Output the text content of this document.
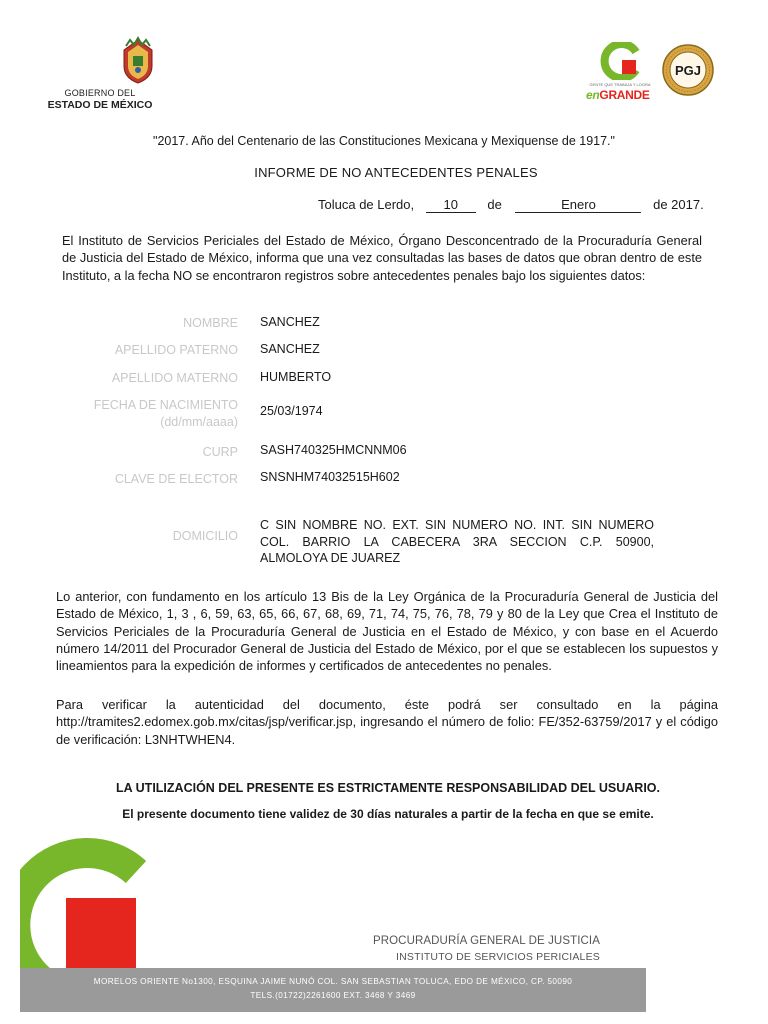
GOBIERNO DEL
ESTADO DE MÉXICO
GENTE QUE TRABAJA Y LOGRA
enGRANDE
PGJ
"2017. Año del Centenario de las Constituciones Mexicana y Mexiquense de 1917."
INFORME DE NO ANTECEDENTES PENALES
Toluca de Lerdo, 10 de	Enero	de 2017.
El Instituto de Servicios Periciales del Estado de México, Órgano Desconcentrado de la Procuraduría General de Justicia del Estado de México, informa que una vez consultadas las bases de datos que obran dentro de este Instituto, a la fecha NO se encontraron registros sobre antecedentes penales bajo los siguientes datos:
NOMBRE SANCHEZ
APELLIDO PATERNO SANCHEZ
APELLIDO MATERNO HUMBERTO
FECHA DE NACIMIENTO
(dd/mm/aaaa)
25/03/1974
CURP SASH740325HMCNNM06
CLAVE DE ELECTOR SNSNHM74032515H602
DOMICILIO
C SIN NOMBRE NO. EXT. SIN NUMERO NO. INT. SIN NUMERO COL. BARRIO LA CABECERA 3RA SECCION C.P. 50900, ALMOLOYA DE JUAREZ
Lo anterior, con fundamento en los artículo 13 Bis de la Ley Orgánica de la Procuraduría General de Justicia del Estado de México, 1, 3 , 6, 59, 63, 65, 66, 67, 68, 69, 71, 74, 75, 76, 78, 79 y 80 de la Ley que Crea el Instituto de Servicios Periciales de la Procuraduría General de Justicia en el Estado de México, y con base en el Acuerdo número 14/2011 del Procurador General de Justicia del Estado de México, por el que se establecen los supuestos y lineamientos para la expedición de informes y certificados de antecedentes no penales.
Para verificar la autenticidad del documento, éste podrá ser consultado en la página http://tramites2.edomex.gob.mx/citas/jsp/verificar.jsp, ingresando el número de folio: FE/352-63759/2017 y el código de verificación: L3NHTWHEN4.
LA UTILIZACIÓN DEL PRESENTE ES ESTRICTAMENTE RESPONSABILIDAD DEL USUARIO.
El presente documento tiene validez de 30 días naturales a partir de la fecha en que se emite.
PROCURADURÍA GENERAL DE JUSTICIA
INSTITUTO DE SERVICIOS PERICIALES
MORELOS ORIENTE No1300, ESQUINA JAIME NUNÓ COL. SAN SEBASTIAN TOLUCA, EDO DE MÉXICO, CP. 50090
TELS.(01722)2261600 EXT. 3468 Y 3469
